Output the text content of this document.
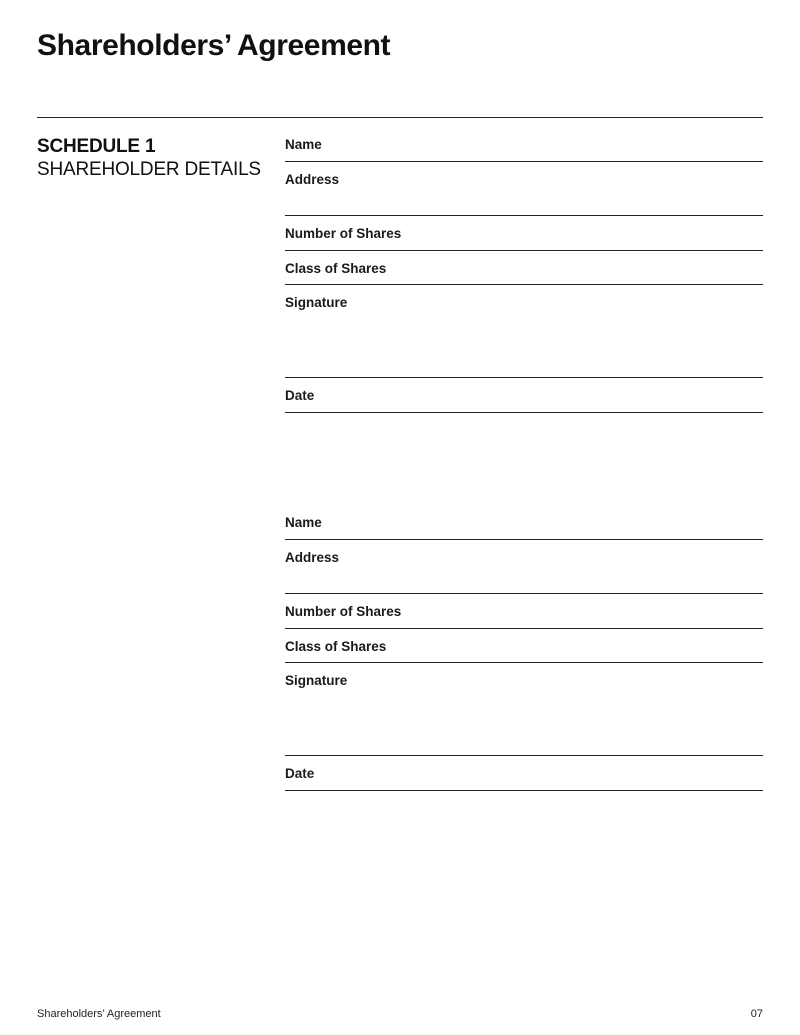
Shareholders’ Agreement
SCHEDULE 1
SHAREHOLDER DETAILS
Name
Address
Number of Shares
Class of Shares
Signature
Date
Name
Address
Number of Shares
Class of Shares
Signature
Date
Shareholders’ Agreement	07
